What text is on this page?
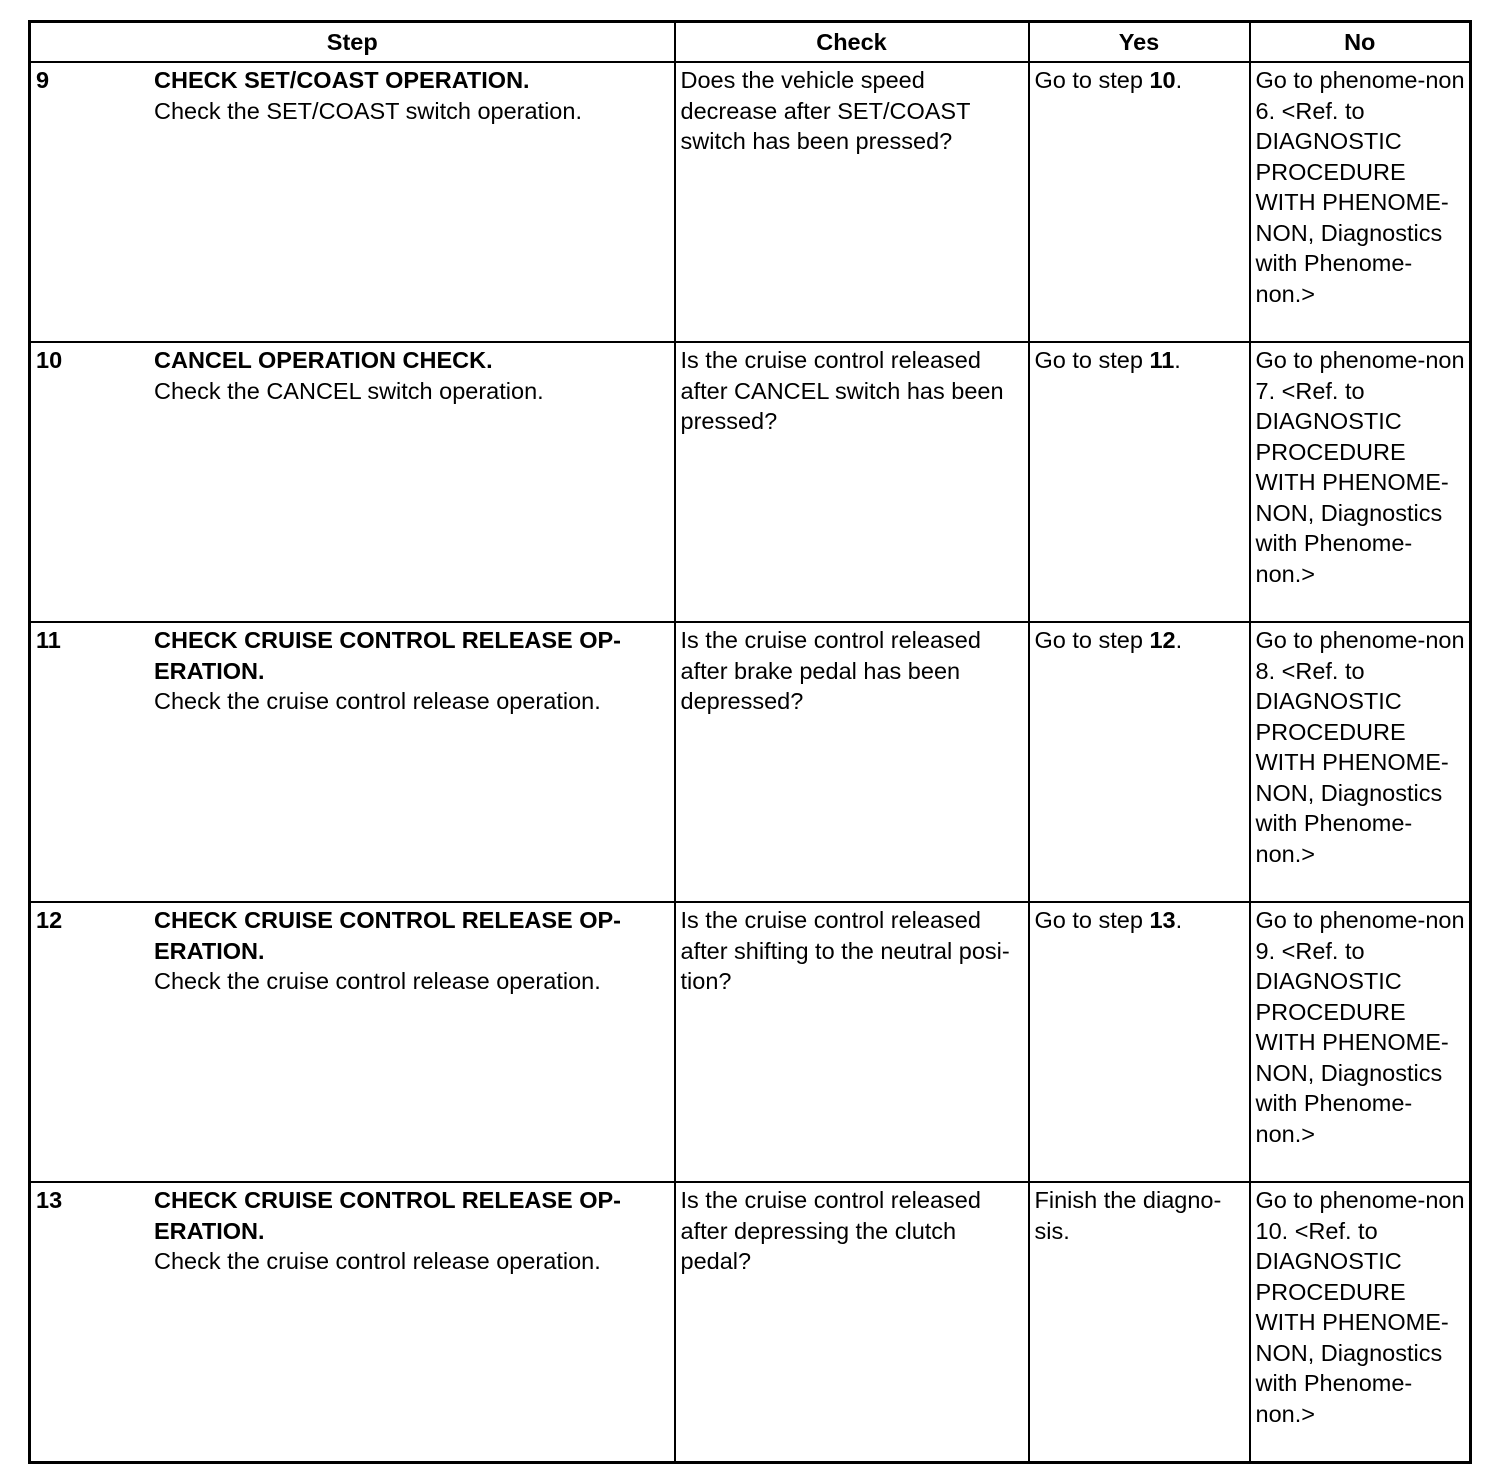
Step	Check	Yes	No

9 CHECK SET/COAST OPERATION.
Check the SET/COAST switch operation.	Does the vehicle speed decrease after SET/COAST switch has been pressed?	Go to step 10.	Go to phenome-non 6. <Ref. to DIAGNOSTIC PROCEDURE WITH PHENOME-NON, Diagnostics with Phenome-non.>

10 CANCEL OPERATION CHECK.
Check the CANCEL switch operation.	Is the cruise control released after CANCEL switch has been pressed?	Go to step 11.	Go to phenome-non 7. <Ref. to DIAGNOSTIC PROCEDURE WITH PHENOME-NON, Diagnostics with Phenome-non.>

11 CHECK CRUISE CONTROL RELEASE OP-ERATION.
Check the cruise control release operation.	Is the cruise control released after brake pedal has been depressed?	Go to step 12.	Go to phenome-non 8. <Ref. to DIAGNOSTIC PROCEDURE WITH PHENOME-NON, Diagnostics with Phenome-non.>

12 CHECK CRUISE CONTROL RELEASE OP-ERATION.
Check the cruise control release operation.	Is the cruise control released after shifting to the neutral posi-tion?	Go to step 13.	Go to phenome-non 9. <Ref. to DIAGNOSTIC PROCEDURE WITH PHENOME-NON, Diagnostics with Phenome-non.>

13 CHECK CRUISE CONTROL RELEASE OP-ERATION.
Check the cruise control release operation.	Is the cruise control released after depressing the clutch pedal?	Finish the diagno-sis.	Go to phenome-non 10. <Ref. to DIAGNOSTIC PROCEDURE WITH PHENOME-NON, Diagnostics with Phenome-non.>
